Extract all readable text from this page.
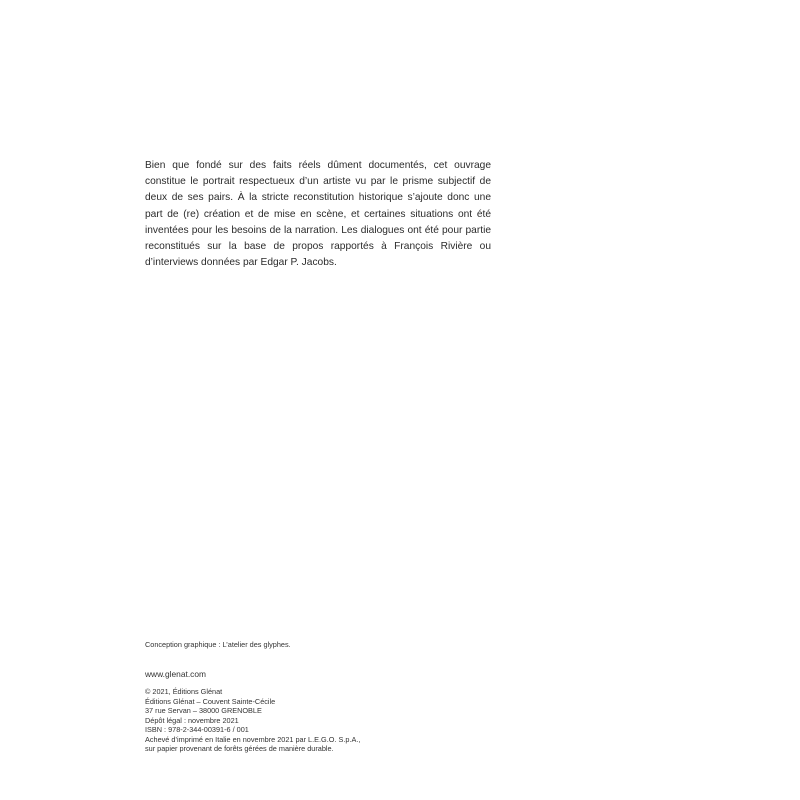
Bien que fondé sur des faits réels dûment documentés, cet ouvrage constitue le portrait respectueux d’un artiste vu par le prisme subjectif de deux de ses pairs. À la stricte reconstitution historique s’ajoute donc une part de (re) création et de mise en scène, et certaines situations ont été inventées pour les besoins de la narration. Les dialogues ont été pour partie reconstitués sur la base de propos rapportés à François Rivière ou d’interviews données par Edgar P. Jacobs.

Conception graphique : L’atelier des glyphes.

www.glenat.com

© 2021, Éditions Glénat

Éditions Glénat – Couvent Sainte-Cécile

37 rue Servan – 38000 GRENOBLE

Dépôt légal : novembre 2021

ISBN : 978-2-344-00391-6 / 001

Achevé d’imprimé en Italie en novembre 2021 par L.E.G.O. S.p.A.,

sur papier provenant de forêts gérées de manière durable.
